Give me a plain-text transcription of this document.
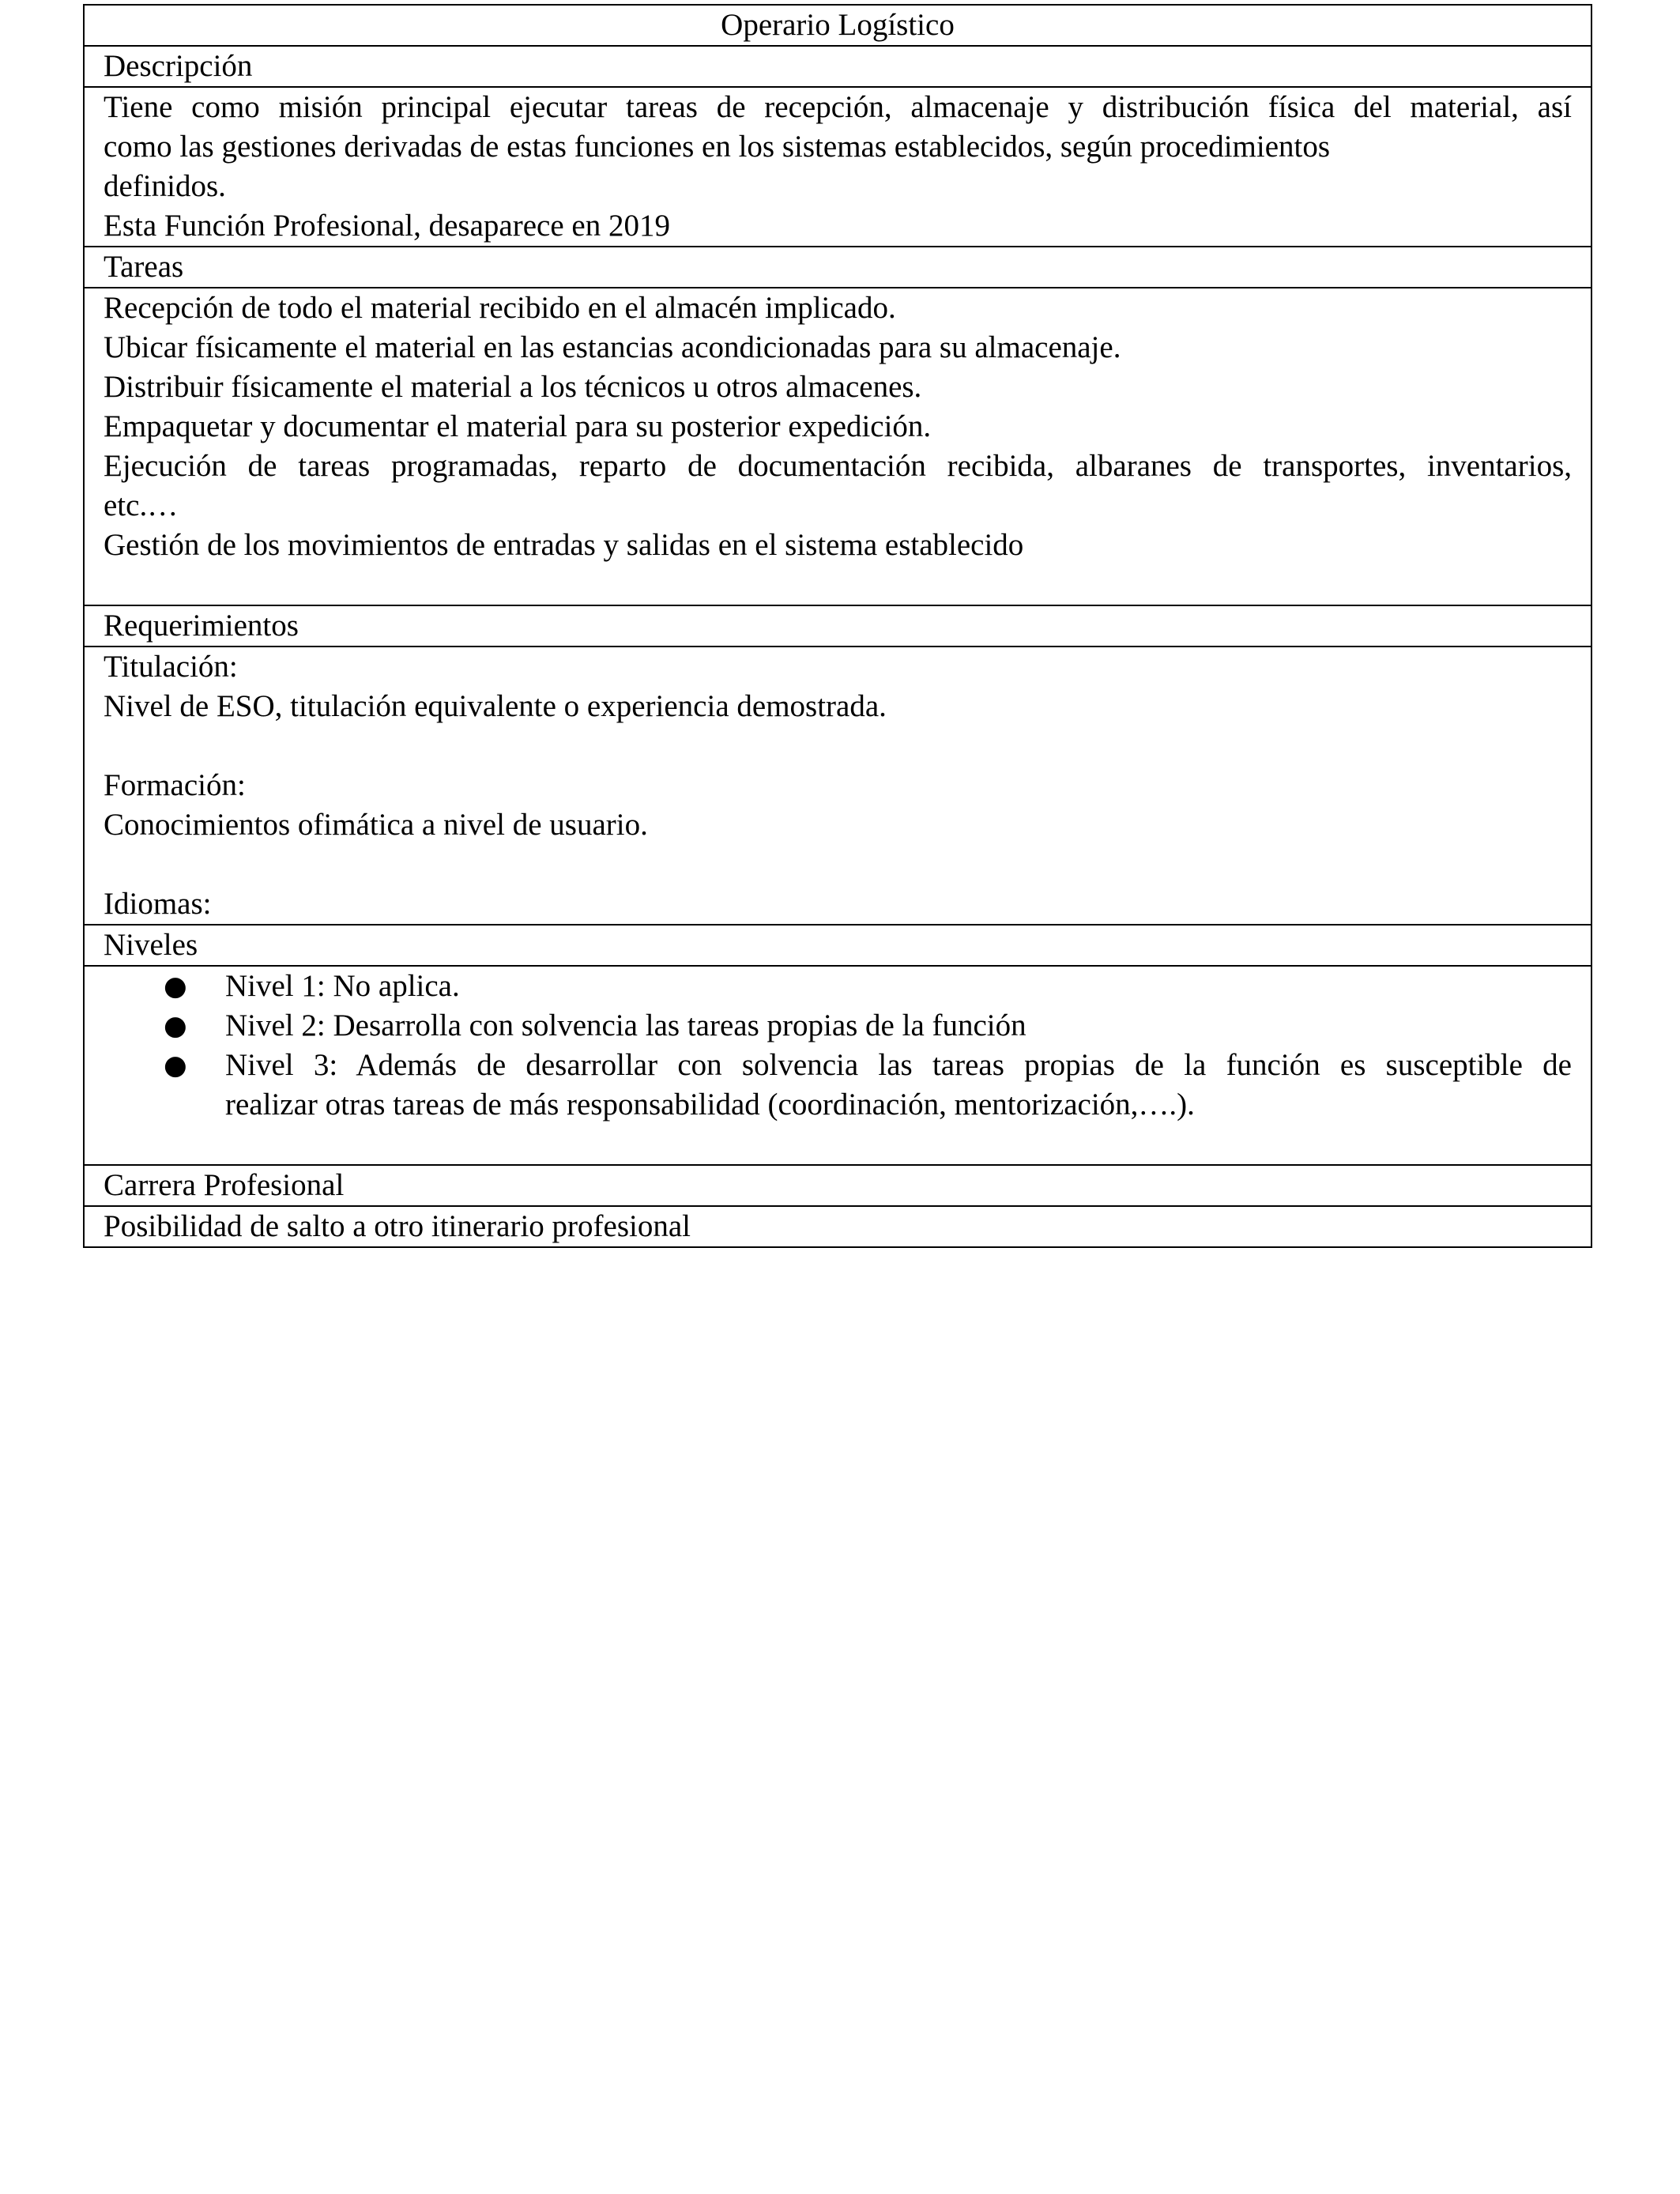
Operario Logístico
Descripción

Tiene como misión principal ejecutar tareas de recepción, almacenaje y distribución física del material, así
como las gestiones derivadas de estas funciones en los sistemas establecidos, según procedimientos
definidos.
Esta Función Profesional, desaparece en 2019

Tareas

Recepción de todo el material recibido en el almacén implicado.
Ubicar físicamente el material en las estancias acondicionadas para su almacenaje.
Distribuir físicamente el material a los técnicos u otros almacenes.
Empaquetar y documentar el material para su posterior expedición.
Ejecución de tareas programadas, reparto de documentación recibida, albaranes de transportes, inventarios,
etc.…
Gestión de los movimientos de entradas y salidas en el sistema establecido

Requerimientos

Titulación:
Nivel de ESO, titulación equivalente o experiencia demostrada.
Formación:
Conocimientos ofimática a nivel de usuario.
Idiomas:

Niveles

● Nivel 1: No aplica.
● Nivel 2: Desarrolla con solvencia las tareas propias de la función
● Nivel 3: Además de desarrollar con solvencia las tareas propias de la función es susceptible de
realizar otras tareas de más responsabilidad (coordinación, mentorización,….).

Carrera Profesional
Posibilidad de salto a otro itinerario profesional
